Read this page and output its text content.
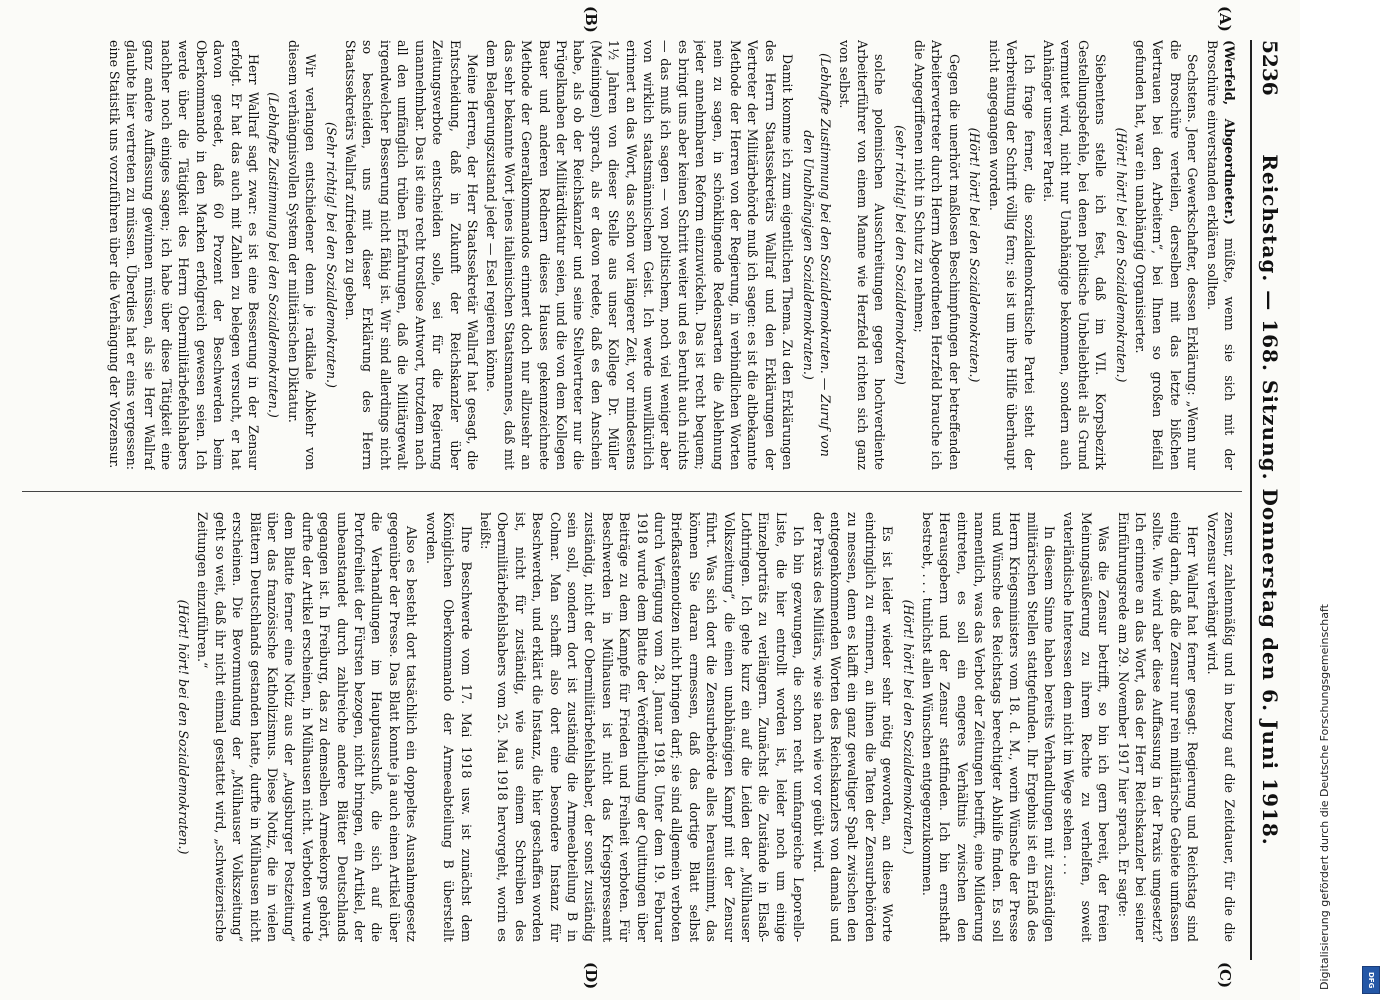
5236
Reichstag. — 168. Sitzung. Donnerstag den 6. Juni 1918.
(A)
(B)
(C)
(D)

(Werfeld, Abgeordneter.) müßte, wenn sie sich mit der Broschüre einverstanden erklären sollten.

Sechstens. Jener Gewerkschafter, dessen Erklärung: „Wenn nur die Broschüre verteilen, derselben mit das letzte bißchen Vertrauen bei den Arbeitern“, bei Ihnen so großen Beifall gefunden hat, war ein unabhängig Organisierter.

(Hört! hört! bei den Sozialdemokraten.)

Siebentens stelle ich fest, daß im VII. Korpsbezirk Gestellungsbefehle, bei denen politische Unbeliebtheit als Grund vermutet wird, nicht nur Unabhängige bekommen, sondern auch Anhänger unserer Partei.

Ich frage ferner, die sozialdemokratische Partei steht der Verbreitung der Schrift völlig fern; sie ist um ihre Hilfe überhaupt nicht angegangen worden.

(Hört! hört! bei den Sozialdemokraten.)

Gegen die unerhört maßlosen Beschimpfungen der betreffenden Arbeitervertreter durch Herrn Abgeordneten Herzfeld brauche ich die Angegriffenen nicht in Schutz zu nehmen;

(sehr richtig! bei den Sozialdemokraten)

solche polemischen Ausschreitungen gegen hochverdiente Arbeiterführer von einem Manne wie Herzfeld richten sich ganz von selbst.

(Lebhafte Zustimmung bei den Sozialdemokraten. — Zuruf von den Unabhängigen Sozialdemokraten.)

Damit komme ich zum eigentlichen Thema. Zu den Erklärungen des Herrn Staatssekretärs Wallraf und den Erklärungen der Vertreter der Militärbehörde muß ich sagen: es ist die altbekannte Methode der Herren von der Regierung, in verbindlichen Worten nein zu sagen, in schönklingende Redensarten die Ablehnung jeder annehmbaren Reform einzuwickeln. Das ist recht bequem; es bringt uns aber keinen Schritt weiter und es beruht auch nichts — das muß ich sagen — von politischem, noch viel weniger aber von wirklich staatsmännischem Geist. Ich werde unwillkürlich erinnert an das Wort, das schon vor längerer Zeit, vor mindestens 1½ Jahren von dieser Stelle aus unser Kollege Dr. Müller (Meiningen) sprach, als er davon redete, daß es den Anschein habe, als ob der Reichskanzler und seine Stellvertreter nur die Prügelknaben der Militärdiktatur seien, und die von dem Kollegen Bauer und anderen Rednern dieses Hauses gekennzeichnete Methode der Generalkommandos erinnert doch nur allzusehr an das sehr bekannte Wort jenes italienischen Staatsmannes, daß mit dem Belagerungszustand jeder — Esel regieren könne.

Meine Herren, der Herr Staatssekretär Wallraf hat gesagt, die Entscheidung, daß in Zukunft der Reichskanzler über Zeitungsverbote entscheiden solle, sei für die Regierung unannehmbar. Das ist eine recht trostlose Antwort, trotzdem nach all den umfänglich trüben Erfahrungen, daß die Militärgewalt irgendwelcher Besserung nicht fähig ist. Wir sind allerdings nicht so bescheiden, uns mit dieser Erklärung des Herrn Staatssekretärs Wallraf zufrieden zu geben.

(Sehr richtig! bei den Sozialdemokraten.)

Wir verlangen entschiedener denn je radikale Abkehr von diesem verhängnisvollen System der militärischen Diktatur.

(Lebhafte Zustimmung bei den Sozialdemokraten.)

Herr Wallraf sagt zwar: es ist eine Besserung in der Zensur erfolgt. Er hat das auch mit Zahlen zu belegen versucht, er hat davon geredet, daß 60 Prozent der Beschwerden beim Oberkommando in den Marken erfolgreich gewesen seien. Ich werde über die Tätigkeit des Herrn Obermilitärbefehlshabers nachher noch einiges sagen; ich habe über diese Tätigkeit eine ganz andere Auffassung gewinnen müssen, als sie Herr Wallraf glaubte hier vertreten zu müssen. Überdies hat er eins vergessen: eine Statistik uns vorzuführen über die Verhängung der Vorzensur.

zensur, zahlenmäßig und in bezug auf die Zeitdauer, für die die Vorzensur verhängt wird.

Herr Wallraf hat ferner gesagt: Regierung und Reichstag sind einig darin, daß die Zensur nur rein militärische Gebiete umfassen sollte. Wie wird aber diese Auffassung in der Praxis umgesetzt? Ich erinnere an das Wort, das der Herr Reichskanzler bei seiner Einführungsrede am 29. November 1917 hier sprach. Er sagte:

Was die Zensur betrifft, so bin ich gern bereit, der freien Meinungsäußerung zu ihrem Rechte zu verhelfen, soweit vaterländische Interessen dem nicht im Wege stehen . . .

In diesem Sinne haben bereits Verhandlungen mit zuständigen militärischen Stellen stattgefunden. Ihr Ergebnis ist ein Erlaß des Herrn Kriegsministers vom 18. d. M., worin Wünsche der Presse und Wünsche des Reichstags berechtigter Abhilfe finden. Es soll namentlich, was das Verbot der Zeitungen betrifft, eine Milderung eintreten, es soll ein engeres Verhältnis zwischen den Herausgebern und der Zensur stattfinden. Ich bin ernsthaft bestrebt, . . . tunlichst allen Wünschen entgegenzukommen.

(Hört! hört! bei den Sozialdemokraten.)

Es ist leider wieder sehr nötig geworden, an diese Worte eindringlich zu erinnern, an ihnen die Taten der Zensurbehörden zu messen, denn es klafft ein ganz gewaltiger Spalt zwischen den entgegenkommenden Worten des Reichskanzlers von damals und der Praxis des Militärs, wie sie nach wie vor geübt wird.

Ich bin gezwungen, die schon recht umfangreiche Leporello-Liste, die hier entrollt worden ist, leider noch um einige Einzelporträts zu verlängern. Zunächst die Zustände in Elsaß-Lothringen. Ich gehe kurz ein auf die Leiden der „Mülhauser Volkszeitung“, die einen unabhängigen Kampf mit der Zensur führt. Was sich dort die Zensurbehörde alles herausnimmt, das können Sie daran ermessen, daß das dortige Blatt selbst Briefkastennotizen nicht bringen darf; sie sind allgemein verboten durch Verfügung vom 28. Januar 1918. Unter dem 19. Februar 1918 wurde dem Blatte der Veröffentlichung der Quittungen über Beiträge zu dem Kampfe für Frieden und Freiheit verboten. Für Beschwerden in Mülhausen ist nicht das Kriegspresseamt zuständig, nicht der Obermilitärbefehlshaber, der sonst zuständig sein soll, sondern dort ist zuständig die Armeeabteilung B in Colmar. Man schafft also dort eine besondere Instanz für Beschwerden, und erklärt die Instanz, die hier geschaffen worden ist, nicht für zuständig, wie aus einem Schreiben des Obermilitärbefehlshabers vom 25. Mai 1918 hervorgeht, worin es heißt:

Ihre Beschwerde vom 17. Mai 1918 usw. ist zunächst dem Königlichen Oberkommando der Armeeabteilung B überstellt worden.

Also es besteht dort tatsächlich ein doppeltes Ausnahmegesetz gegenüber der Presse. Das Blatt konnte ja auch einen Artikel über die Verhandlungen im Hauptausschuß, die sich auf die Portofreiheit der Fürsten bezogen, nicht bringen, ein Artikel, der unbeanstandet durch zahlreiche andere Blätter Deutschlands gegangen ist. In Freiburg, das zu demselben Armeekorps gehört, durfte der Artikel erscheinen, in Mülhausen nicht. Verboten wurde dem Blatte ferner eine Notiz aus der „Augsburger Postzeitung“ über das französische Katholizismus. Diese Notiz, die in vielen Blättern Deutschlands gestanden hatte, durfte in Mülhausen nicht erscheinen. Die Bevormundung der „Mülhauser Volkszeitung“ geht so weit, daß ihr nicht einmal gestattet wird, „schweizerische Zeitungen einzuführen.“

(Hört! hört! bei den Sozialdemokraten.)	Digitalisierung gefördert durch die Deutsche Forschungsgemeinschaft	DFG
